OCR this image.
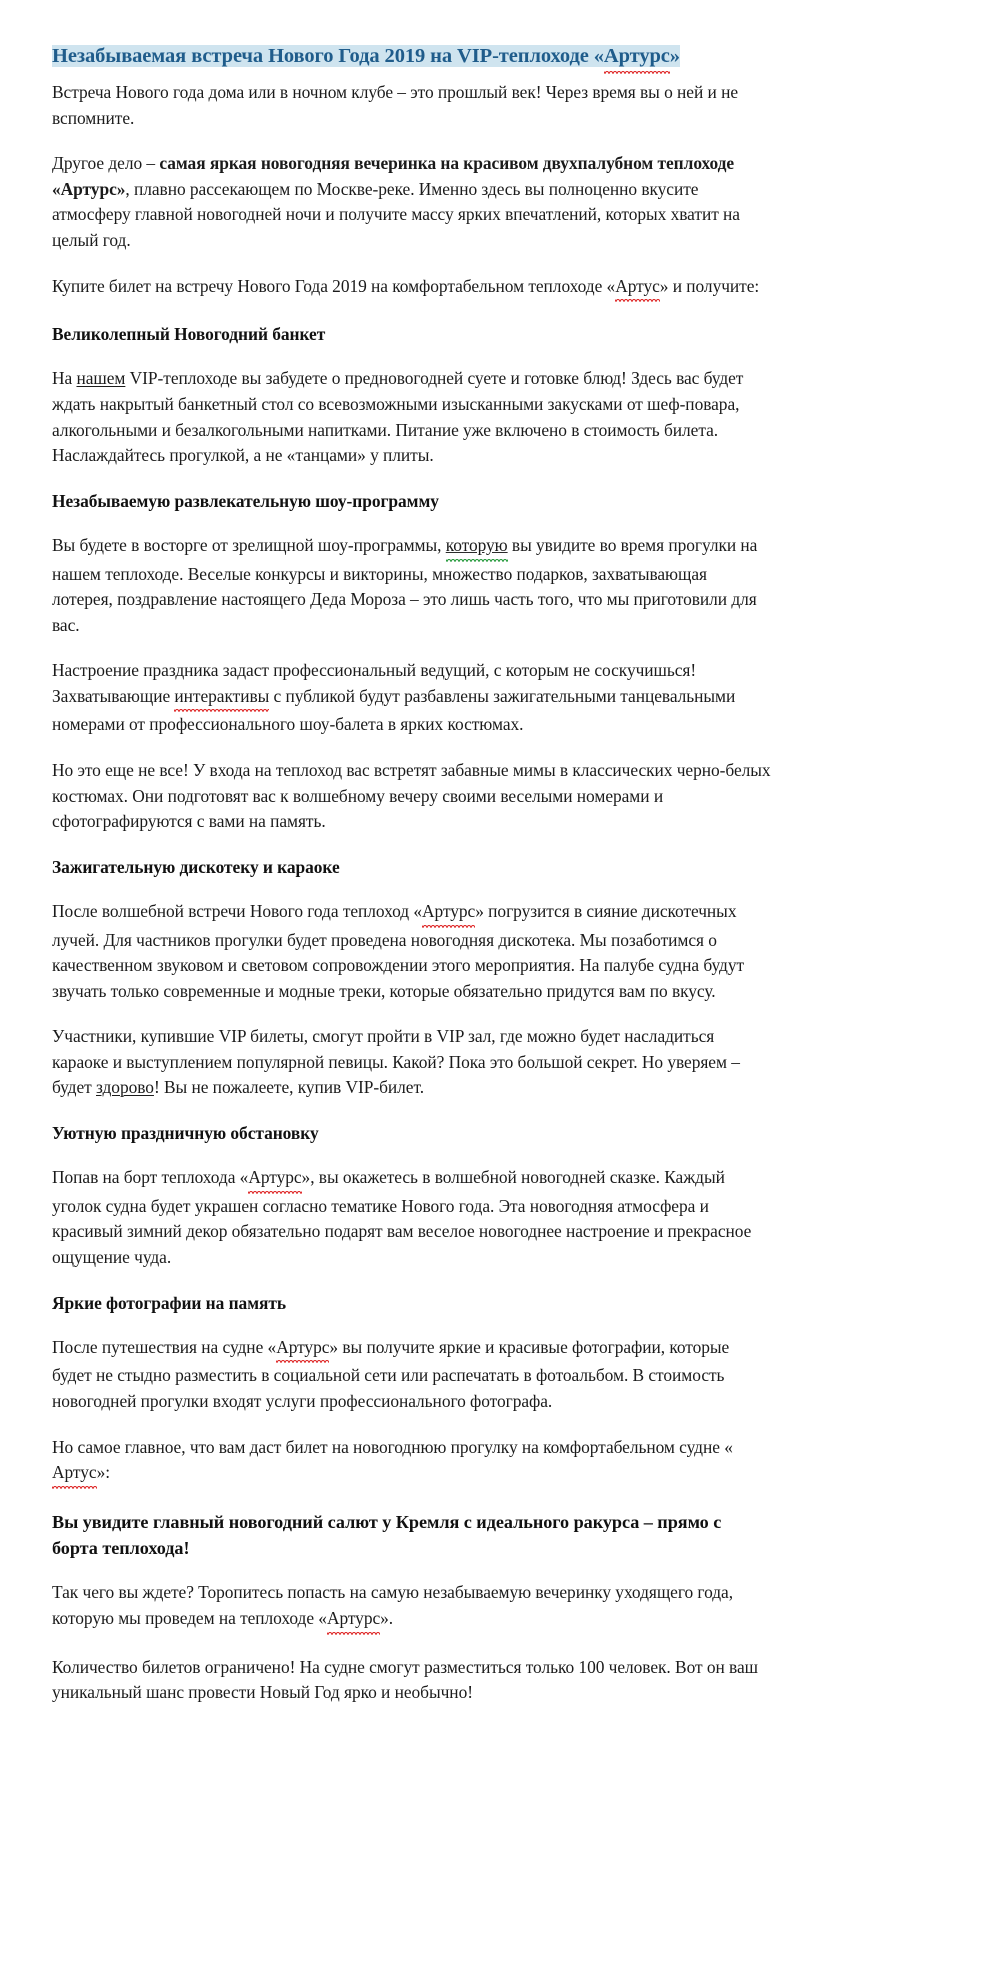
Незабываемая встреча Нового Года 2019 на VIP-теплоходе «Артурс»

Встреча Нового года дома или в ночном клубе – это прошлый век! Через время вы о ней и не вспомните.

Другое дело – самая яркая новогодняя вечеринка на красивом двухпалубном теплоходе «Артурс», плавно рассекающем по Москве-реке. Именно здесь вы полноценно вкусите атмосферу главной новогодней ночи и получите массу ярких впечатлений, которых хватит на целый год.

Купите билет на встречу Нового Года 2019 на комфортабельном теплоходе «Артус» и получите:

Великолепный Новогодний банкет

На нашем VIP-теплоходе вы забудете о предновогодней суете и готовке блюд! Здесь вас будет ждать накрытый банкетный стол со всевозможными изысканными закусками от шеф-повара, алкогольными и безалкогольными напитками. Питание уже включено в стоимость билета. Наслаждайтесь прогулкой, а не «танцами» у плиты.

Незабываемую развлекательную шоу-программу

Вы будете в восторге от зрелищной шоу-программы, которую вы увидите во время прогулки на нашем теплоходе. Веселые конкурсы и викторины, множество подарков, захватывающая лотерея, поздравление настоящего Деда Мороза – это лишь часть того, что мы приготовили для вас.

Настроение праздника задаст профессиональный ведущий, с которым не соскучишься! Захватывающие интерактивы с публикой будут разбавлены зажигательными танцевальными номерами от профессионального шоу-балета в ярких костюмах.

Но это еще не все! У входа на теплоход вас встретят забавные мимы в классических черно-белых костюмах. Они подготовят вас к волшебному вечеру своими веселыми номерами и сфотографируются с вами на память.

Зажигательную дискотеку и караоке

После волшебной встречи Нового года теплоход «Артурс» погрузится в сияние дискотечных лучей. Для частников прогулки будет проведена новогодняя дискотека. Мы позаботимся о качественном звуковом и световом сопровождении этого мероприятия. На палубе судна будут звучать только современные и модные треки, которые обязательно придутся вам по вкусу.

Участники, купившие VIP билеты, смогут пройти в VIP зал, где можно будет насладиться караоке и выступлением популярной певицы. Какой? Пока это большой секрет. Но уверяем – будет здорово! Вы не пожалеете, купив VIP-билет.

Уютную праздничную обстановку

Попав на борт теплохода «Артурс», вы окажетесь в волшебной новогодней сказке. Каждый уголок судна будет украшен согласно тематике Нового года. Эта новогодняя атмосфера и красивый зимний декор обязательно подарят вам веселое новогоднее настроение и прекрасное ощущение чуда.

Яркие фотографии на память

После путешествия на судне «Артурс» вы получите яркие и красивые фотографии, которые будет не стыдно разместить в социальной сети или распечатать в фотоальбом. В стоимость новогодней прогулки входят услуги профессионального фотографа.

Но самое главное, что вам даст билет на новогоднюю прогулку на комфортабельном судне «Артус»:

Вы увидите главный новогодний салют у Кремля с идеального ракурса – прямо с борта теплохода!

Так чего вы ждете? Торопитесь попасть на самую незабываемую вечеринку уходящего года, которую мы проведем на теплоходе «Артурс».

Количество билетов ограничено! На судне смогут разместиться только 100 человек. Вот он ваш уникальный шанс провести Новый Год ярко и необычно!
